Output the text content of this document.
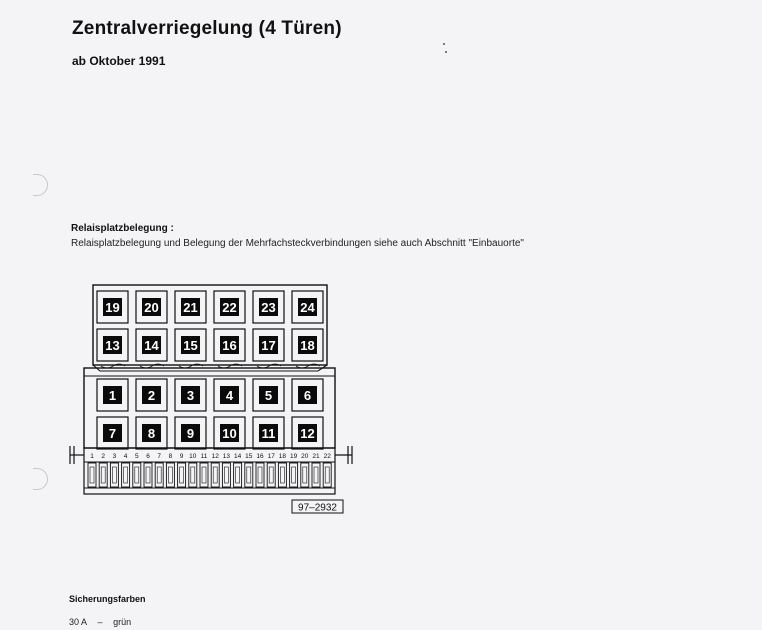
Zentralverriegelung (4 Türen)
ab Oktober 1991
Relaisplatzbelegung :
Relaisplatzbelegung und Belegung der Mehrfachsteckverbindungen siehe auch Abschnitt "Einbauorte"
19 20 21 22 23 24
13 14 15 16 17 18
1 2 3 4 5 6
7 8 9 10 11 12
1 2 3 4 5 6 7 8 9 10 11 12 13 14 15 16 17 18 19 20 21 22
97–2932
Sicherungsfarben
30 A – grün
